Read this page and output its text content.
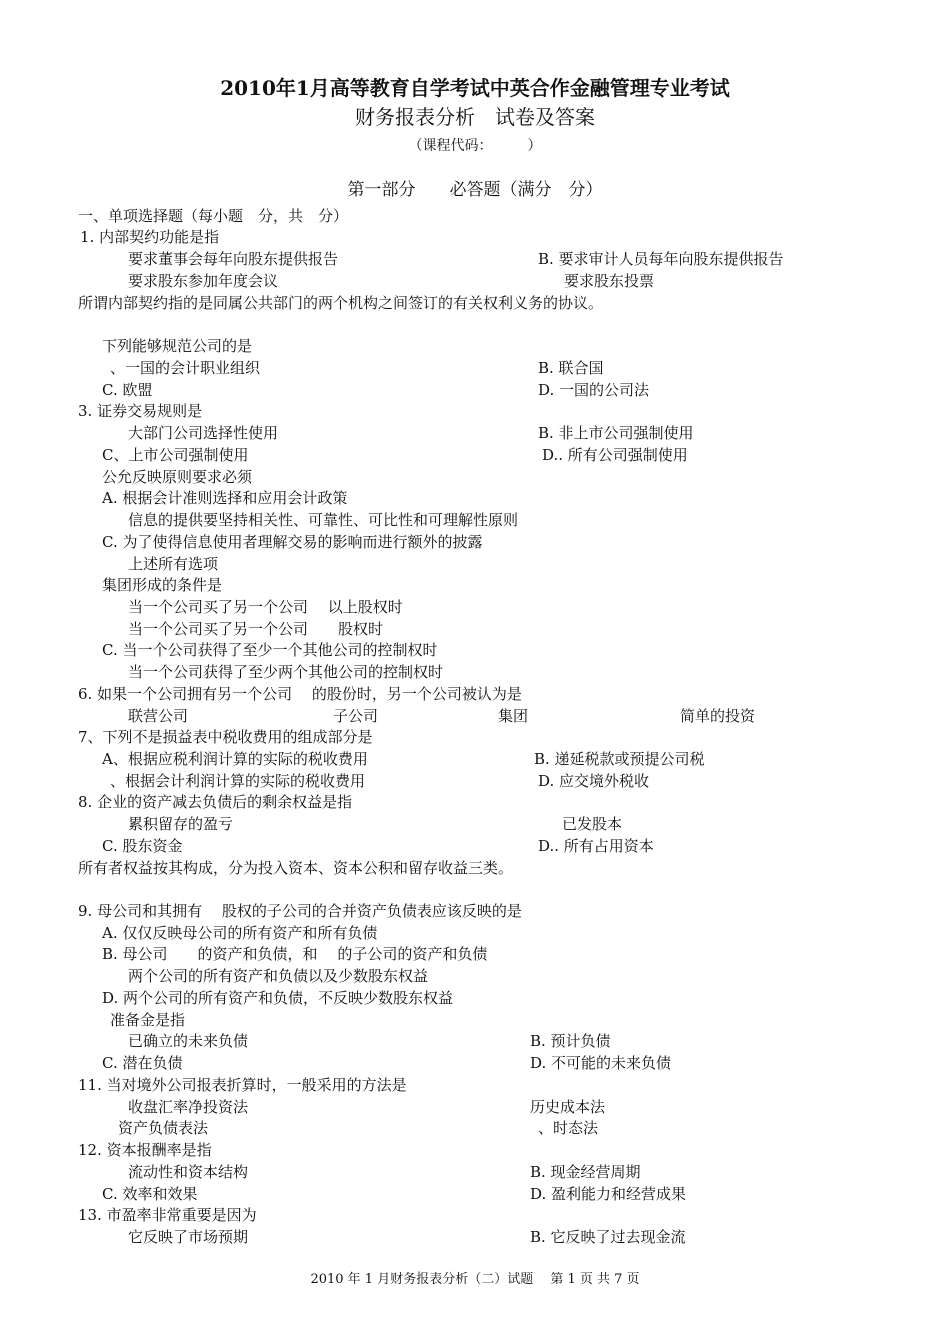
2010年1月高等教育自学考试中英合作金融管理专业考试
财务报表分析　试卷及答案
（课程代码：　　　）
第一部分　　必答题（满分　分）
一、单项选择题（每小题　分，共　分）
1. 内部契约功能是指
要求董事会每年向股东提供报告	B. 要求审计人员每年向股东提供报告
要求股东参加年度会议	要求股东投票
所谓内部契约指的是同属公共部门的两个机构之间签订的有关权利义务的协议。
下列能够规范公司的是
、一国的会计职业组织	B. 联合国
C. 欧盟	D. 一国的公司法
3. 证券交易规则是
大部门公司选择性使用	B. 非上市公司强制使用
C、上市公司强制使用	D.. 所有公司强制使用
公允反映原则要求必须
A. 根据会计准则选择和应用会计政策
信息的提供要坚持相关性、可靠性、可比性和可理解性原则
C. 为了使得信息使用者理解交易的影响而进行额外的披露
上述所有选项
集团形成的条件是
当一个公司买了另一个公司　 以上股权时
当一个公司买了另一个公司　　股权时
C. 当一个公司获得了至少一个其他公司的控制权时
当一个公司获得了至少两个其他公司的控制权时
6. 如果一个公司拥有另一个公司　 的股份时，另一个公司被认为是
联营公司	子公司	集团	简单的投资
7、下列不是损益表中税收费用的组成部分是
A、根据应税利润计算的实际的税收费用	B. 递延税款或预提公司税
、根据会计利润计算的实际的税收费用	D. 应交境外税收
8. 企业的资产减去负债后的剩余权益是指
累积留存的盈亏	已发股本
C. 股东资金	D.. 所有占用资本
所有者权益按其构成，分为投入资本、资本公积和留存收益三类。
9. 母公司和其拥有　 股权的子公司的合并资产负债表应该反映的是
A. 仅仅反映母公司的所有资产和所有负债
B. 母公司　　的资产和负债，和　 的子公司的资产和负债
两个公司的所有资产和负债以及少数股东权益
D. 两个公司的所有资产和负债，不反映少数股东权益
准备金是指
已确立的未来负债	B. 预计负债
C. 潜在负债	D. 不可能的未来负债
11. 当对境外公司报表折算时，一般采用的方法是
收盘汇率净投资法	历史成本法
资产负债表法	、时态法
12. 资本报酬率是指
流动性和资本结构	B. 现金经营周期
C. 效率和效果	D. 盈利能力和经营成果
13. 市盈率非常重要是因为
它反映了市场预期	B. 它反映了过去现金流
2010 年 1 月财务报表分析（二）试题　 第 1 页 共 7 页
